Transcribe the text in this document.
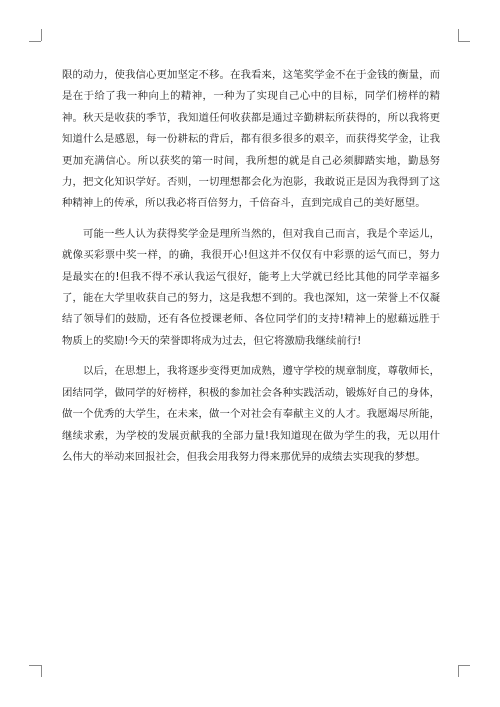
限的动力，使我信心更加坚定不移。在我看来，这笔奖学金不在于金钱的衡量，而是在于给了我一种向上的精神，一种为了实现自己心中的目标，同学们榜样的精神。秋天是收获的季节，我知道任何收获都是通过辛勤耕耘所获得的，所以我将更知道什么是感恩，每一份耕耘的背后，都有很多很多的艰辛，而获得奖学金，让我更加充满信心。所以获奖的第一时间，我所想的就是自己必须脚踏实地，勤恳努力，把文化知识学好。否则，一切理想都会化为泡影，我敢说正是因为我得到了这种精神上的传承，所以我必将百倍努力，千倍奋斗，直到完成自己的美好愿望。

可能一些人认为获得奖学金是理所当然的，但对我自己而言，我是个幸运儿，就像买彩票中奖一样，的确，我很开心!但这并不仅仅有中彩票的运气而已，努力是最实在的!但我不得不承认我运气很好，能考上大学就已经比其他的同学幸福多了，能在大学里收获自己的努力，这是我想不到的。我也深知，这一荣誉上不仅凝结了领导们的鼓励，还有各位授课老师、各位同学们的支持!精神上的慰藉远胜于物质上的奖励!今天的荣誉即将成为过去，但它将激励我继续前行!

以后，在思想上，我将逐步变得更加成熟，遵守学校的规章制度，尊敬师长，团结同学，做同学的好榜样，积极的参加社会各种实践活动，锻炼好自己的身体，做一个优秀的大学生，在未来，做一个对社会有奉献主义的人才。我愿竭尽所能，继续求索，为学校的发展贡献我的全部力量!我知道现在做为学生的我，无以用什么伟大的举动来回报社会，但我会用我努力得来那优异的成绩去实现我的梦想。
